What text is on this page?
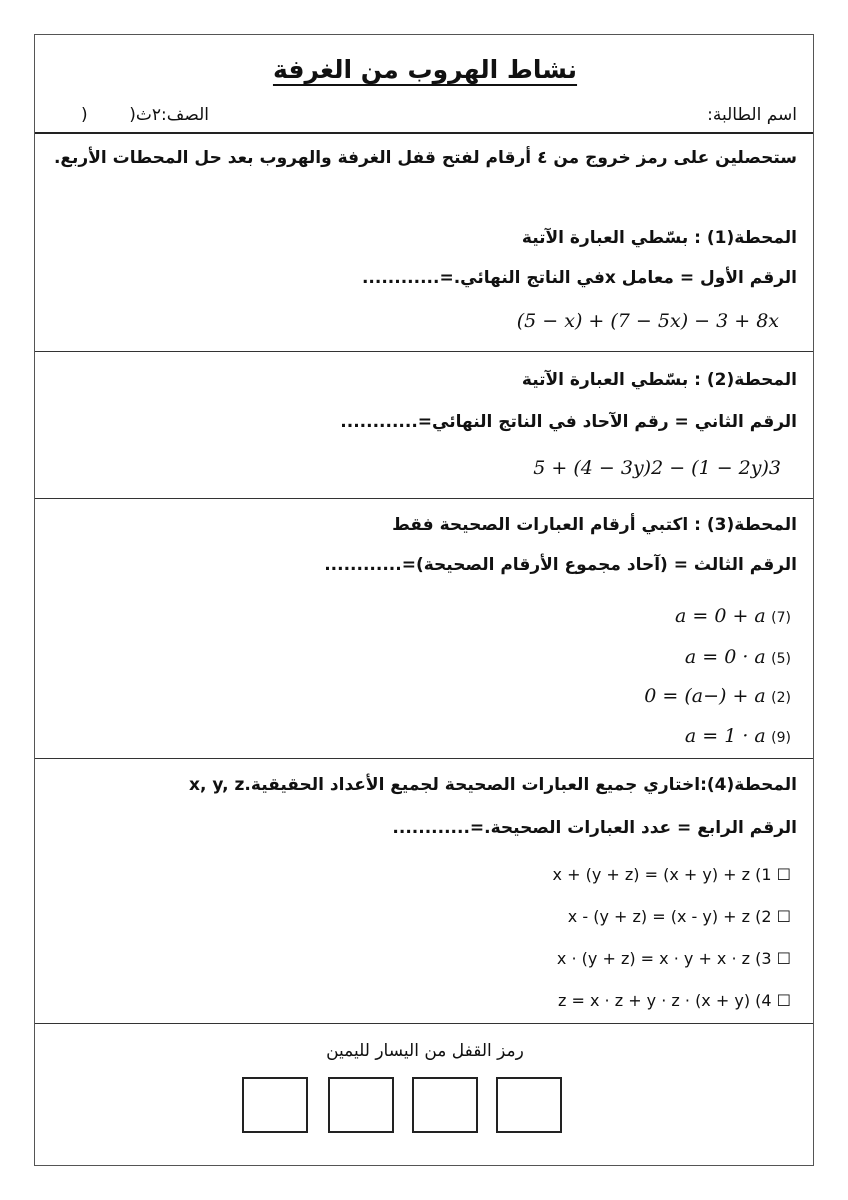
نشاط الهروب من الغرفة
اسم الطالبة:
الصف:٢ث(
)
ستحصلين على رمز خروج من ٤ أرقام لفتح قفل الغرفة والهروب بعد حل المحطات الأربع.
المحطة(1) : بسّطي العبارة الآتية
الرقم الأول = معامل xفي الناتج النهائي.=............
(5 − x) + (7 − 5x) − 3 + 8x
المحطة(2) : بسّطي العبارة الآتية
الرقم الثاني = رقم الآحاد في الناتج النهائي=............
5 + (4 − 3y)2 − (1 − 2y)3
المحطة(3) : اكتبي أرقام العبارات الصحيحة فقط
الرقم الثالث = (آحاد مجموع الأرقام الصحيحة)=............
a = 0 + a (7)
a = 0 · a (5)
0 = (a−) + a (2)
a = 1 · a (9)
المحطة(4):اختاري جميع العبارات الصحيحة لجميع الأعداد الحقيقية.x, y, z
الرقم الرابع = عدد العبارات الصحيحة.=............
x + (y + z) = (x + y) + z (1 ☐
x - (y + z) = (x - y) + z (2 ☐
x · (y + z) = x · y + x · z (3 ☐
z = x · z + y · z · (x + y) (4 ☐
رمز القفل من اليسار لليمين
